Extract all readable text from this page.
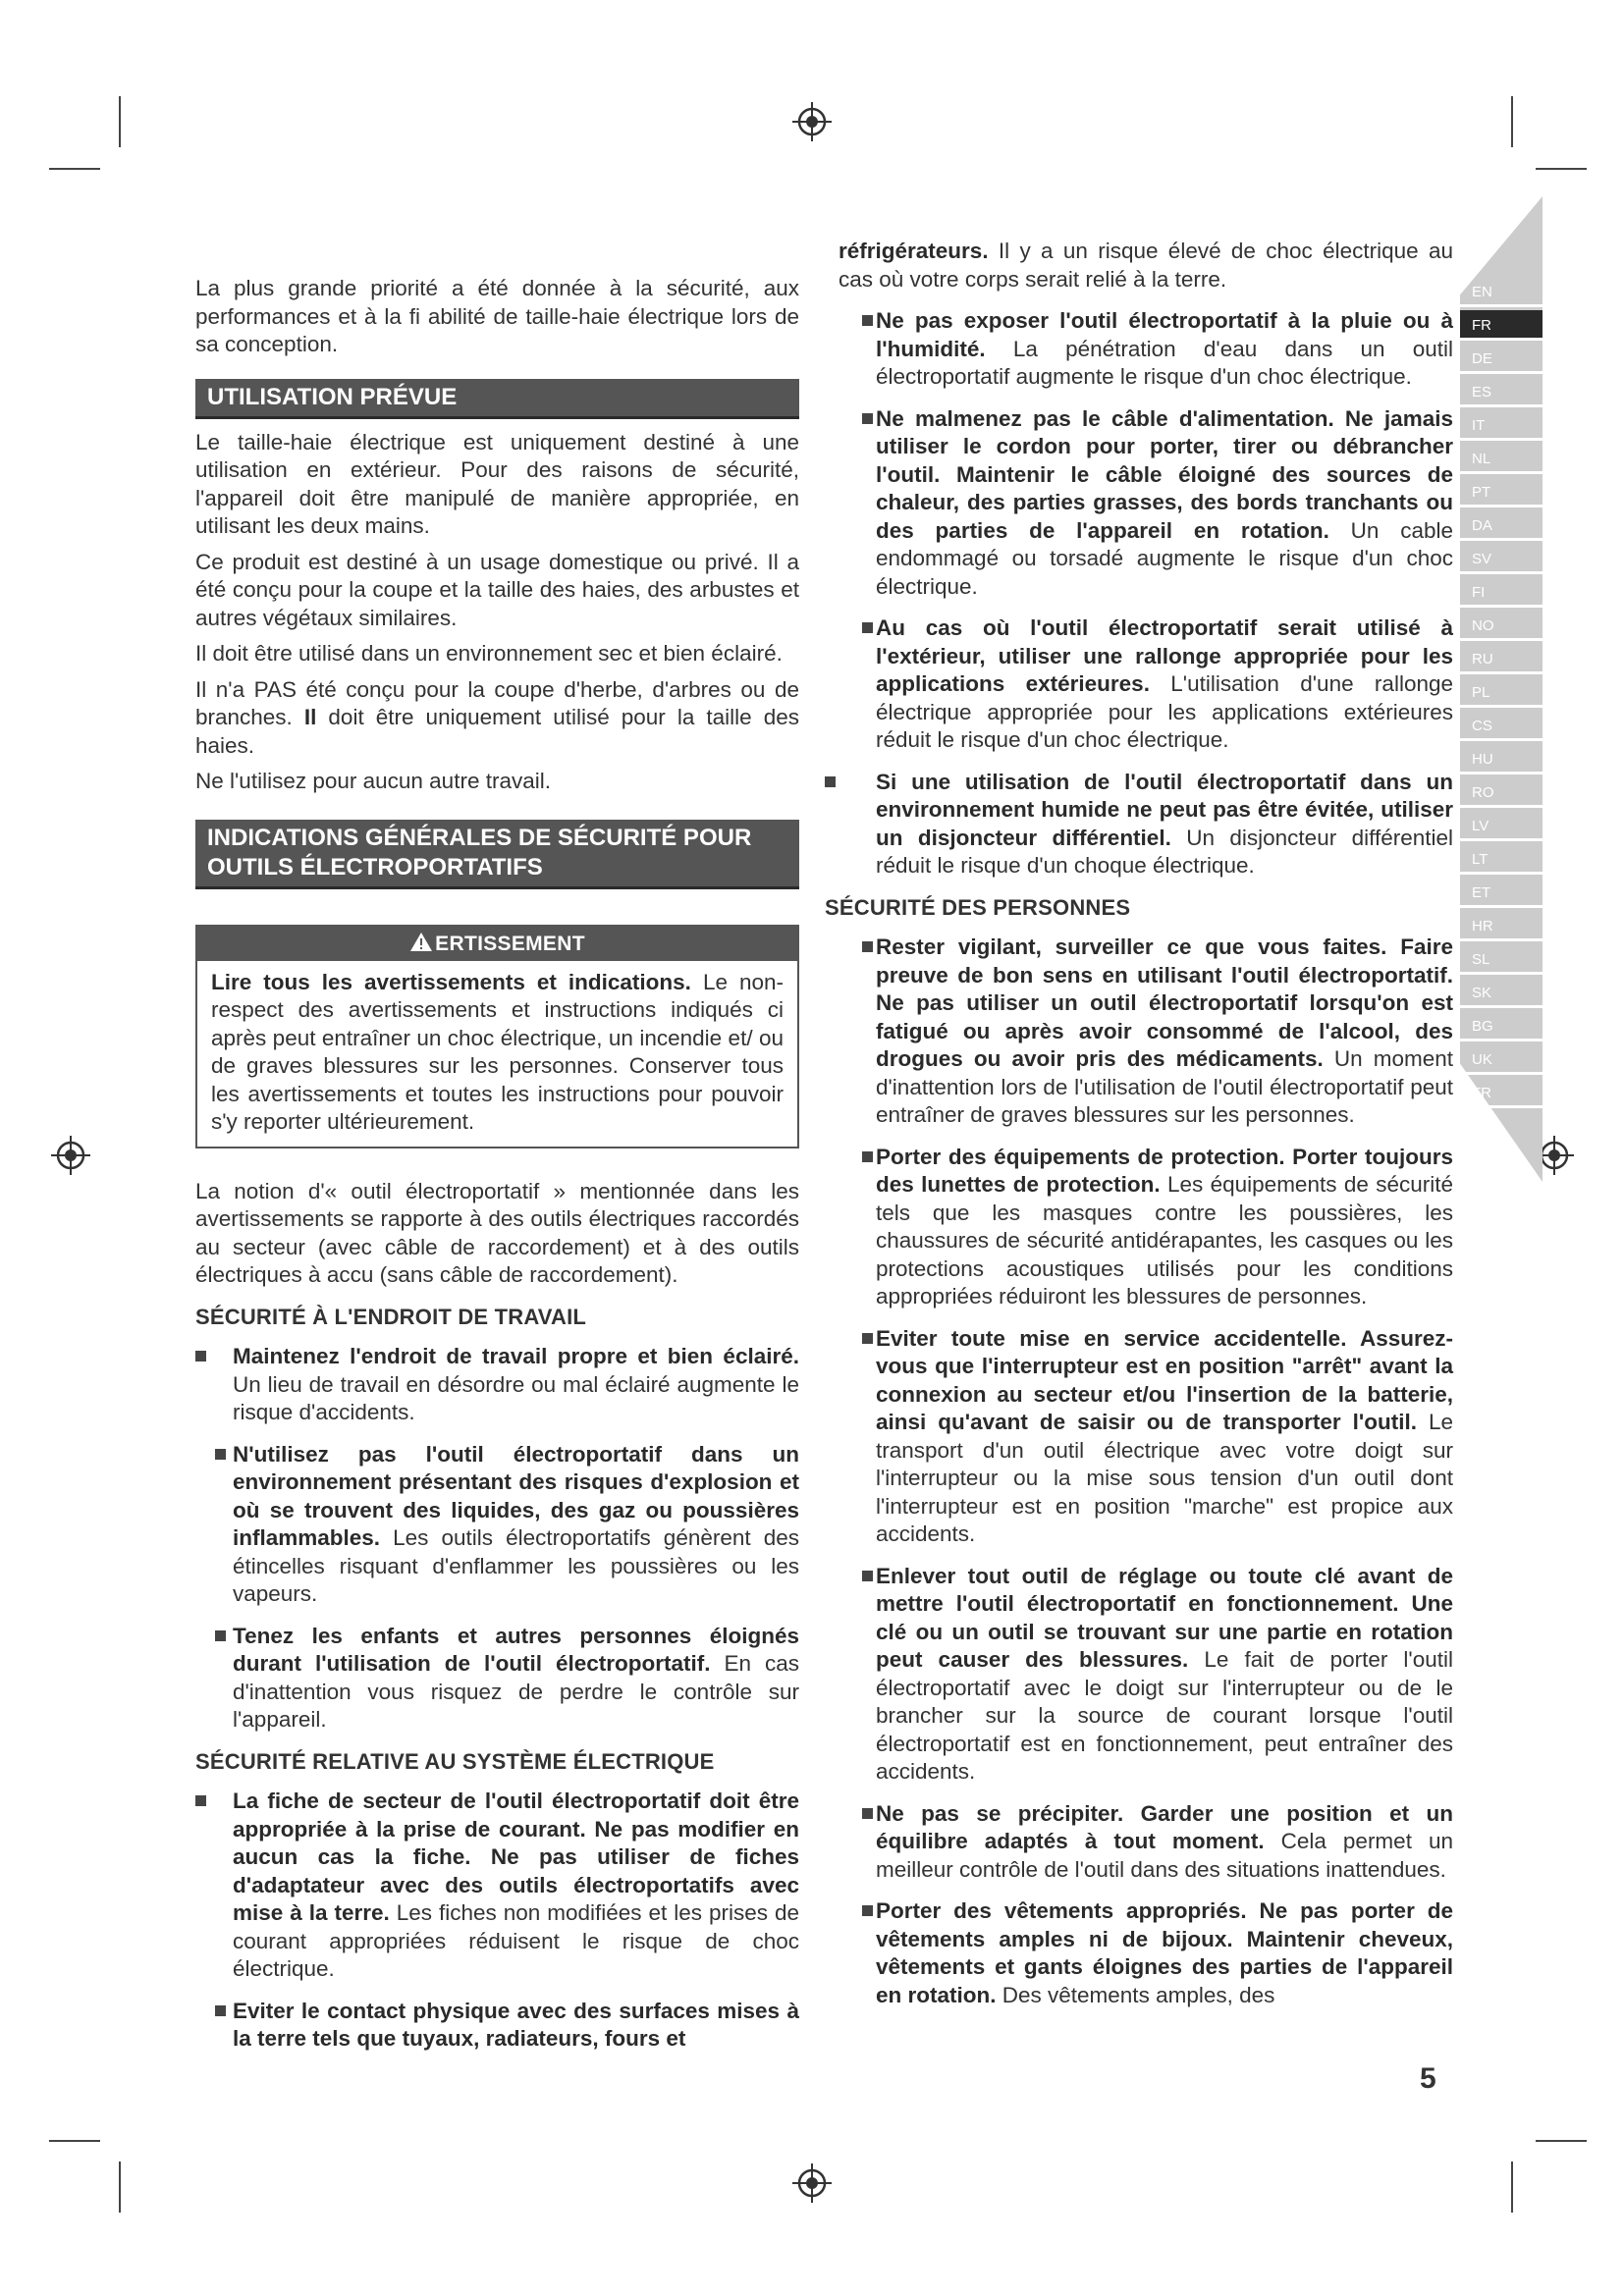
La plus grande priorité a été donnée à la sécurité, aux performances et à la fi abilité de taille-haie électrique lors de sa conception.

UTILISATION PRÉVUE

Le taille-haie électrique est uniquement destiné à une utilisation en extérieur. Pour des raisons de sécurité, l'appareil doit être manipulé de manière appropriée, en utilisant les deux mains.

Ce produit est destiné à un usage domestique ou privé. Il a été conçu pour la coupe et la taille des haies, des arbustes et autres végétaux similaires.

Il doit être utilisé dans un environnement sec et bien éclairé.

Il n'a PAS été conçu pour la coupe d'herbe, d'arbres ou de branches. Il doit être uniquement utilisé pour la taille des haies.

Ne l'utilisez pour aucun autre travail.

INDICATIONS GÉNÉRALES DE SÉCURITÉ POUR OUTILS ÉLECTROPORTATIFS
ERTISSEMENT
Lire tous les avertissements et indications. Le non-respect des avertissements et instructions indiqués ci après peut entraîner un choc électrique, un incendie et/ ou de graves blessures sur les personnes. Conserver tous les avertissements et toutes les instructions pour pouvoir s'y reporter ultérieurement.

La notion d'« outil électroportatif » mentionnée dans les avertissements se rapporte à des outils électriques raccordés au secteur (avec câble de raccordement) et à des outils électriques à accu (sans câble de raccordement).

SÉCURITÉ À L'ENDROIT DE TRAVAIL
Maintenez l'endroit de travail propre et bien éclairé. Un lieu de travail en désordre ou mal éclairé augmente le risque d'accidents.
N'utilisez pas l'outil électroportatif dans un environnement présentant des risques d'explosion et où se trouvent des liquides, des gaz ou poussières inflammables. Les outils électroportatifs génèrent des étincelles risquant d'enflammer les poussières ou les vapeurs.
Tenez les enfants et autres personnes éloignés durant l'utilisation de l'outil électroportatif. En cas d'inattention vous risquez de perdre le contrôle sur l'appareil.
SÉCURITÉ RELATIVE AU SYSTÈME ÉLECTRIQUE
La fiche de secteur de l'outil électroportatif doit être appropriée à la prise de courant. Ne pas modifier en aucun cas la fiche. Ne pas utiliser de fiches d'adaptateur avec des outils électroportatifs avec mise à la terre. Les fiches non modifiées et les prises de courant appropriées réduisent le risque de choc électrique.
Eviter le contact physique avec des surfaces mises à la terre tels que tuyaux, radiateurs, fours et
réfrigérateurs. Il y a un risque élevé de choc électrique au cas où votre corps serait relié à la terre.
Ne pas exposer l'outil électroportatif à la pluie ou à l'humidité. La pénétration d'eau dans un outil électroportatif augmente le risque d'un choc électrique.
Ne malmenez pas le câble d'alimentation. Ne jamais utiliser le cordon pour porter, tirer ou débrancher l'outil. Maintenir le câble éloigné des sources de chaleur, des parties grasses, des bords tranchants ou des parties de l'appareil en rotation. Un cable endommagé ou torsadé augmente le risque d'un choc électrique.
Au cas où l'outil électroportatif serait utilisé à l'extérieur, utiliser une rallonge appropriée pour les applications extérieures. L'utilisation d'une rallonge électrique appropriée pour les applications extérieures réduit le risque d'un choc électrique.
Si une utilisation de l'outil électroportatif dans un environnement humide ne peut pas être évitée, utiliser un disjoncteur différentiel. Un disjoncteur différentiel réduit le risque d'un choque électrique.
SÉCURITÉ DES PERSONNES
Rester vigilant, surveiller ce que vous faites. Faire preuve de bon sens en utilisant l'outil électroportatif. Ne pas utiliser un outil électroportatif lorsqu'on est fatigué ou après avoir consommé de l'alcool, des drogues ou avoir pris des médicaments. Un moment d'inattention lors de l'utilisation de l'outil électroportatif peut entraîner de graves blessures sur les personnes.
Porter des équipements de protection. Porter toujours des lunettes de protection. Les équipements de sécurité tels que les masques contre les poussières, les chaussures de sécurité antidérapantes, les casques ou les protections acoustiques utilisés pour les conditions appropriées réduiront les blessures de personnes.
Eviter toute mise en service accidentelle. Assurez-vous que l'interrupteur est en position "arrêt" avant la connexion au secteur et/ou l'insertion de la batterie, ainsi qu'avant de saisir ou de transporter l'outil. Le transport d'un outil électrique avec votre doigt sur l'interrupteur ou la mise sous tension d'un outil dont l'interrupteur est en position "marche" est propice aux accidents.
Enlever tout outil de réglage ou toute clé avant de mettre l'outil électroportatif en fonctionnement. Une clé ou un outil se trouvant sur une partie en rotation peut causer des blessures. Le fait de porter l'outil électroportatif avec le doigt sur l'interrupteur ou de le brancher sur la source de courant lorsque l'outil électroportatif est en fonctionnement, peut entraîner des accidents.
Ne pas se précipiter. Garder une position et un équilibre adaptés à tout moment. Cela permet un meilleur contrôle de l'outil dans des situations inattendues.
Porter des vêtements appropriés. Ne pas porter de vêtements amples ni de bijoux. Maintenir cheveux, vêtements et gants éloignes des parties de l'appareil en rotation. Des vêtements amples, des
EN
FR
DE
ES
IT
NL
PT
DA
SV
FI
NO
RU
PL
CS
HU
RO
LV
LT
ET
HR
SL
SK
BG
UK
TR
5
